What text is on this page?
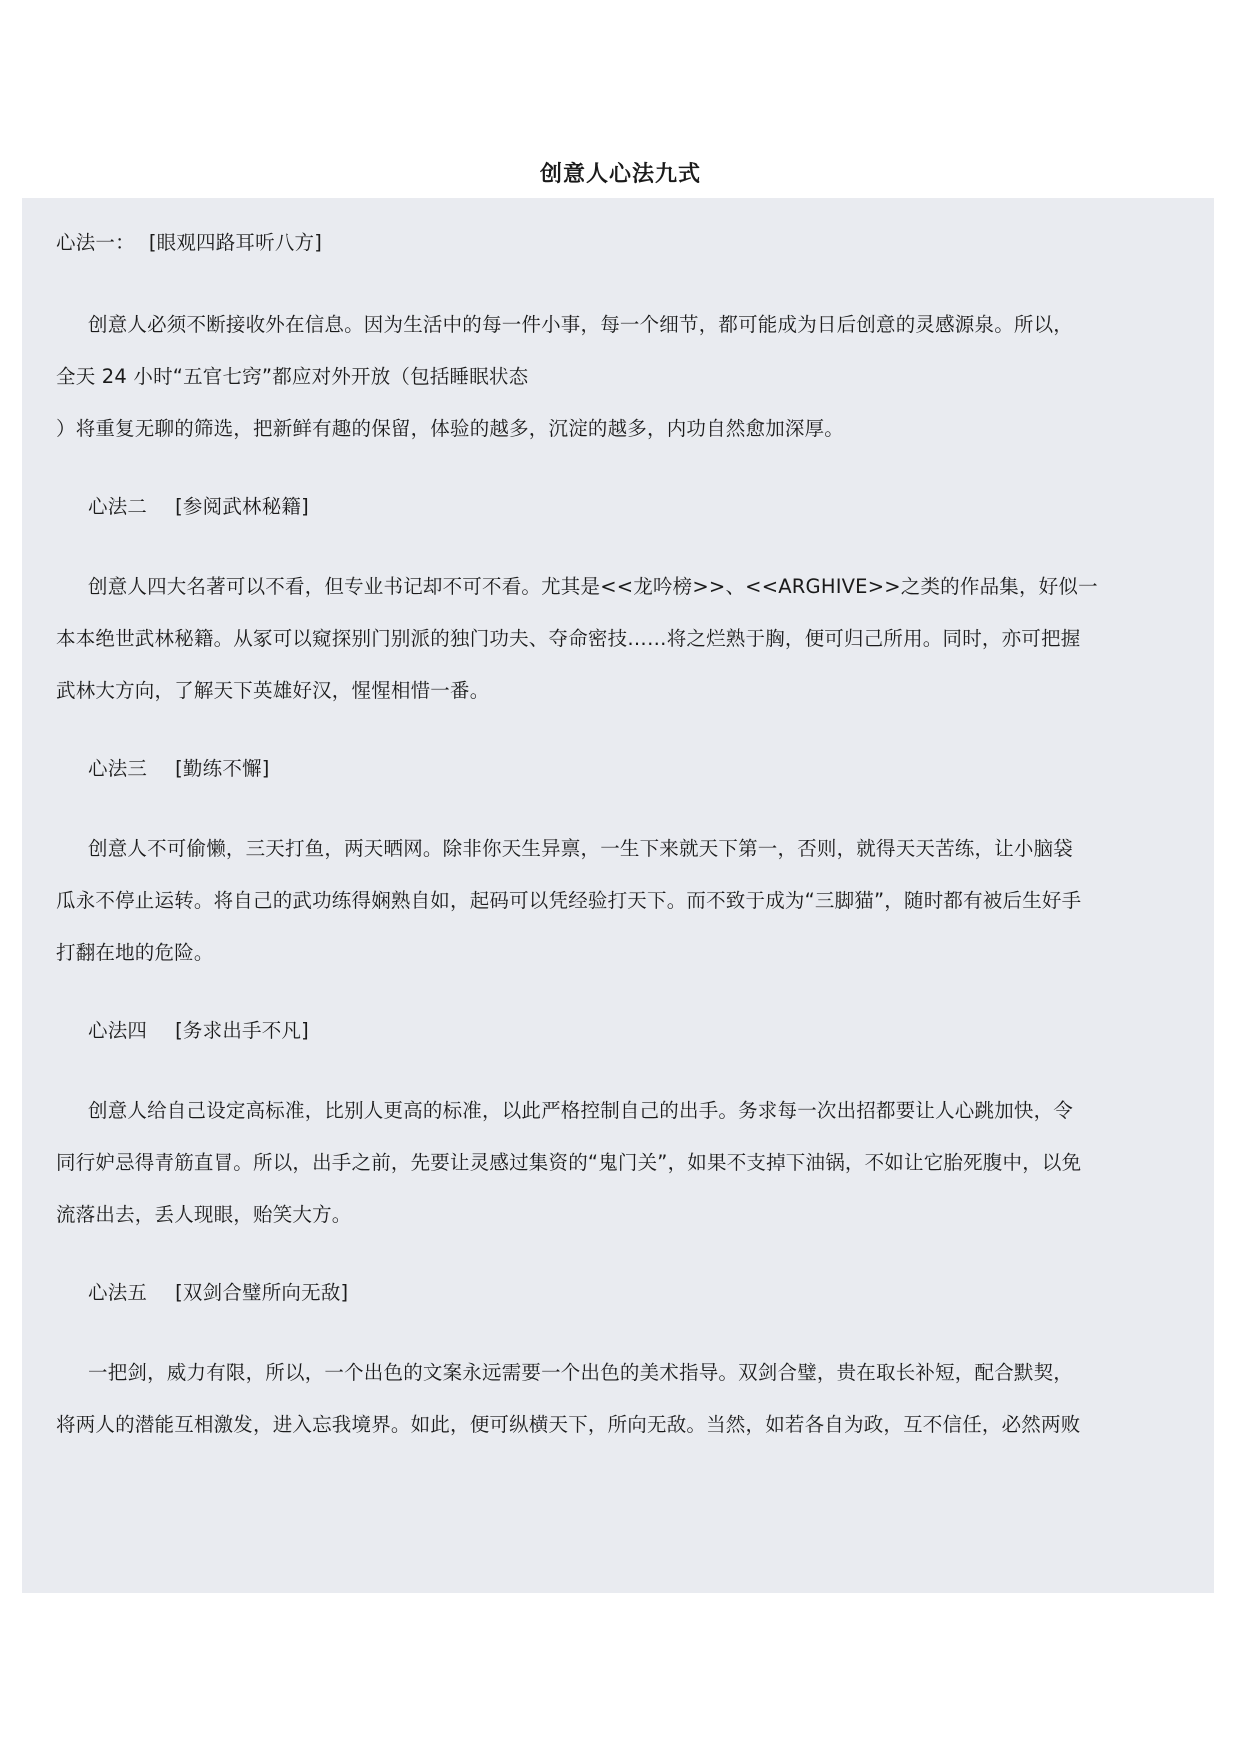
创意人心法九式
心法一： [眼观四路耳听八方]
创意人必须不断接收外在信息。因为生活中的每一件小事，每一个细节，都可能成为日后创意的灵感源泉。所以，
全天 24 小时“五官七窍”都应对外开放（包括睡眠状态
）将重复无聊的筛选，把新鲜有趣的保留，体验的越多，沉淀的越多，内功自然愈加深厚。
心法二 [参阅武林秘籍]
创意人四大名著可以不看，但专业书记却不可不看。尤其是<<龙吟榜>>、<<ARGHIVE>>之类的作品集，好似一
本本绝世武林秘籍。从冢可以窥探别门别派的独门功夫、夺命密技……将之烂熟于胸，便可归己所用。同时，亦可把握
武林大方向，了解天下英雄好汉，惺惺相惜一番。
心法三 [勤练不懈]
创意人不可偷懒，三天打鱼，两天晒网。除非你天生异禀，一生下来就天下第一，否则，就得天天苦练，让小脑袋
瓜永不停止运转。将自己的武功练得娴熟自如，起码可以凭经验打天下。而不致于成为“三脚猫”，随时都有被后生好手
打翻在地的危险。
心法四 [务求出手不凡]
创意人给自己设定高标准，比别人更高的标准，以此严格控制自己的出手。务求每一次出招都要让人心跳加快，令
同行妒忌得青筋直冒。所以，出手之前，先要让灵感过集资的“鬼门关”，如果不支掉下油锅，不如让它胎死腹中，以免
流落出去，丢人现眼，贻笑大方。
心法五 [双剑合璧所向无敌]
一把剑，威力有限，所以，一个出色的文案永远需要一个出色的美术指导。双剑合璧，贵在取长补短，配合默契，
将两人的潜能互相激发，进入忘我境界。如此，便可纵横天下，所向无敌。当然，如若各自为政，互不信任，必然两败
